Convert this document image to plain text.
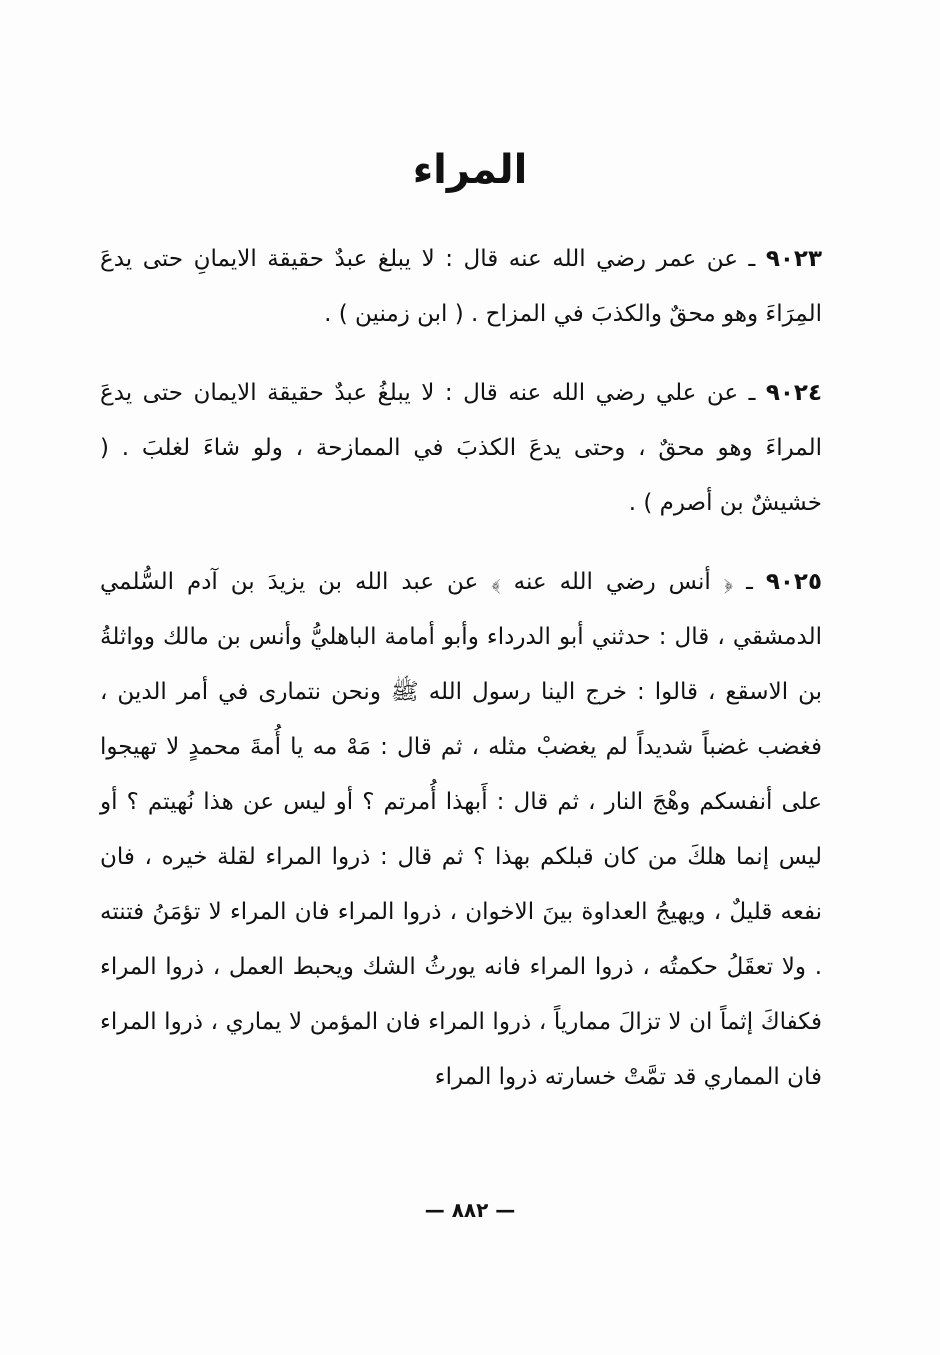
المراء

٩٠٢٣ ـ عن عمر رضي الله عنه قال : لا يبلغ عبدٌ حقيقة الايمانِ حتى يدعَ المِرَاءَ وهو محقٌ والكذبَ في المزاح . ( ابن زمنين ) .

٩٠٢٤ ـ عن علي رضي الله عنه قال : لا يبلغُ عبدٌ حقيقة الايمان حتى يدعَ المراءَ وهو محقٌ ، وحتى يدعَ الكذبَ في الممازحة ، ولو شاءَ لغلبَ . ( خشيشٌ بن أصرم ) .

٩٠٢٥ ـ ﴿ أنس رضي الله عنه ﴾ عن عبد الله بن يزيدَ بن آدم السُّلمي الدمشقي ، قال : حدثني أبو الدرداء وأبو أمامة الباهليُّ وأنس بن مالك وواثلةُ بن الاسقع ، قالوا : خرج الينا رسول الله ﷺ ونحن نتمارى في أمر الدين ، فغضب غضباً شديداً لم يغضبْ مثله ، ثم قال : مَهْ مه يا أُمةَ محمدٍ لا تهيجوا على أنفسكم وهْجَ النار ، ثم قال : أَبهذا أُمرتم ؟ أو ليس عن هذا نُهيتم ؟ أو ليس إنما هلكَ من كان قبلكم بهذا ؟ ثم قال : ذروا المراء لقلة خيره ، فان نفعه قليلٌ ، ويهيجُ العداوة بينَ الاخوان ، ذروا المراء فان المراء لا تؤمَنُ فتنته . ولا تعقَلُ حكمتُه ، ذروا المراء فانه يورثُ الشك ويحبط العمل ، ذروا المراء فكفاكَ إثماً ان لا تزالَ ممارياً ، ذروا المراء فان المؤمن لا يماري ، ذروا المراء فان المماري قد تمَّتْ خسارته ذروا المراء

— ٨٨٢ —
